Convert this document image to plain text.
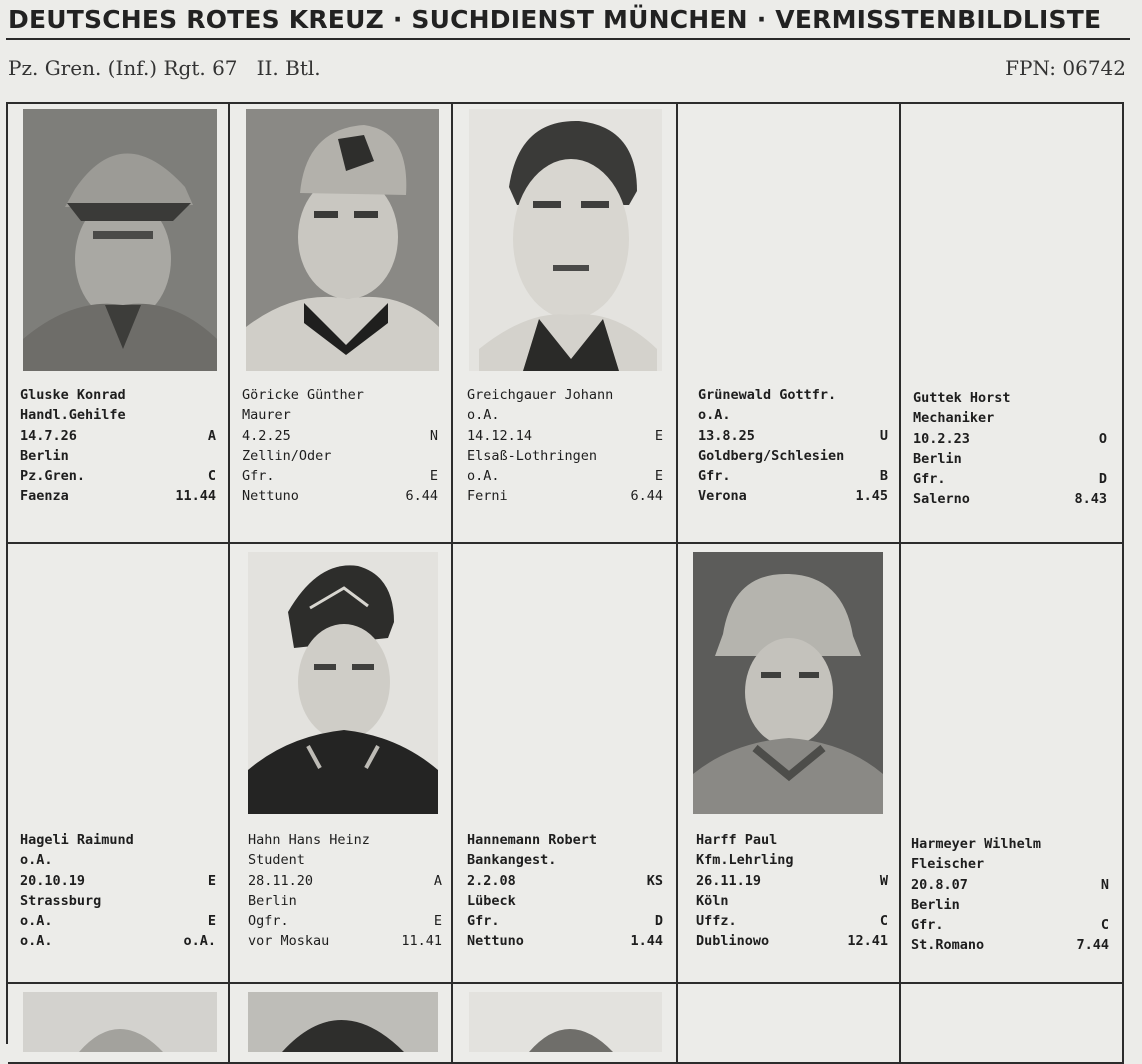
DEUTSCHES ROTES KREUZ · SUCHDIENST MÜNCHEN · VERMISSTENBILDLISTE
Pz. Gren. (Inf.) Rgt. 67   II. Btl.	FPN: 06742
Gluske Konrad
Handl.Gehilfe
14.7.26	A
Berlin
Pz.Gren.	C
Faenza	11.44
Göricke Günther
Maurer
4.2.25	N
Zellin/Oder
Gfr.	E
Nettuno	6.44
Greichgauer Johann
o.A.
14.12.14	E
Elsaß-Lothringen
o.A.	E
Ferni	6.44
Grünewald Gottfr.
o.A.
13.8.25	U
Goldberg/Schlesien
Gfr.	B
Verona	1.45
Guttek Horst
Mechaniker
10.2.23	O
Berlin
Gfr.	D
Salerno	8.43
Hageli Raimund
o.A.
20.10.19	E
Strassburg
o.A.	E
o.A.	o.A.
Hahn Hans Heinz
Student
28.11.20	A
Berlin
Ogfr.	E
vor Moskau	11.41
Hannemann Robert
Bankangest.
2.2.08	KS
Lübeck
Gfr.	D
Nettuno	1.44
Harff Paul
Kfm.Lehrling
26.11.19	W
Köln
Uffz.	C
Dublinowo	12.41
Harmeyer Wilhelm
Fleischer
20.8.07	N
Berlin
Gfr.	C
St.Romano	7.44
